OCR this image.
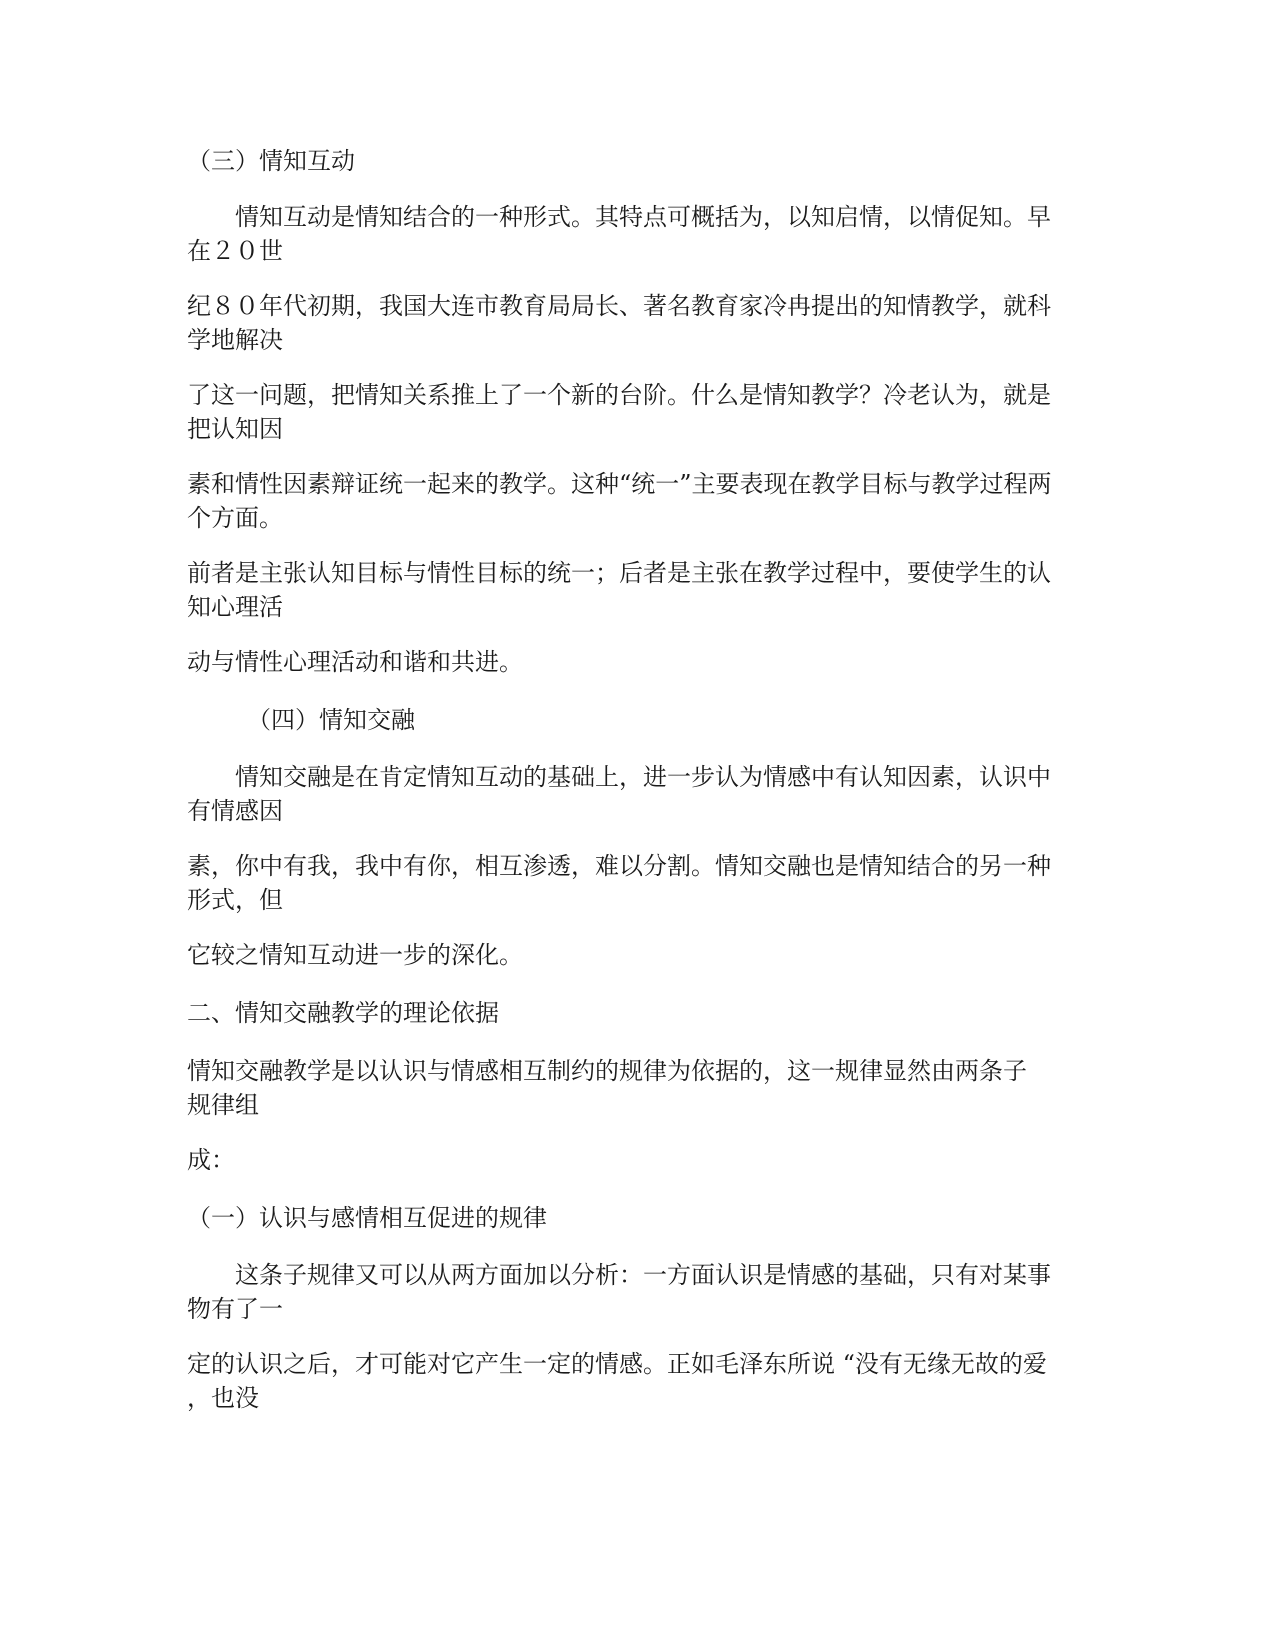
（三）情知互动
　　情知互动是情知结合的一种形式。其特点可概括为，以知启情，以情促知。早
在２０世
纪８０年代初期，我国大连市教育局局长、著名教育家冷冉提出的知情教学，就科
学地解决
了这一问题，把情知关系推上了一个新的台阶。什么是情知教学？冷老认为，就是
把认知因
素和情性因素辩证统一起来的教学。这种“统一”主要表现在教学目标与教学过程两
个方面。
前者是主张认知目标与情性目标的统一；后者是主张在教学过程中，要使学生的认
知心理活
动与情性心理活动和谐和共进。
　　　（四）情知交融
　　情知交融是在肯定情知互动的基础上，进一步认为情感中有认知因素，认识中
有情感因
素，你中有我，我中有你，相互渗透，难以分割。情知交融也是情知结合的另一种
形式，但
它较之情知互动进一步的深化。
二、情知交融教学的理论依据
情知交融教学是以认识与情感相互制约的规律为依据的，这一规律显然由两条子
规律组
成：
（一）认识与感情相互促进的规律
　　这条子规律又可以从两方面加以分析：一方面认识是情感的基础，只有对某事
物有了一
定的认识之后，才可能对它产生一定的情感。正如毛泽东所说 “没有无缘无故的爱
，也没
